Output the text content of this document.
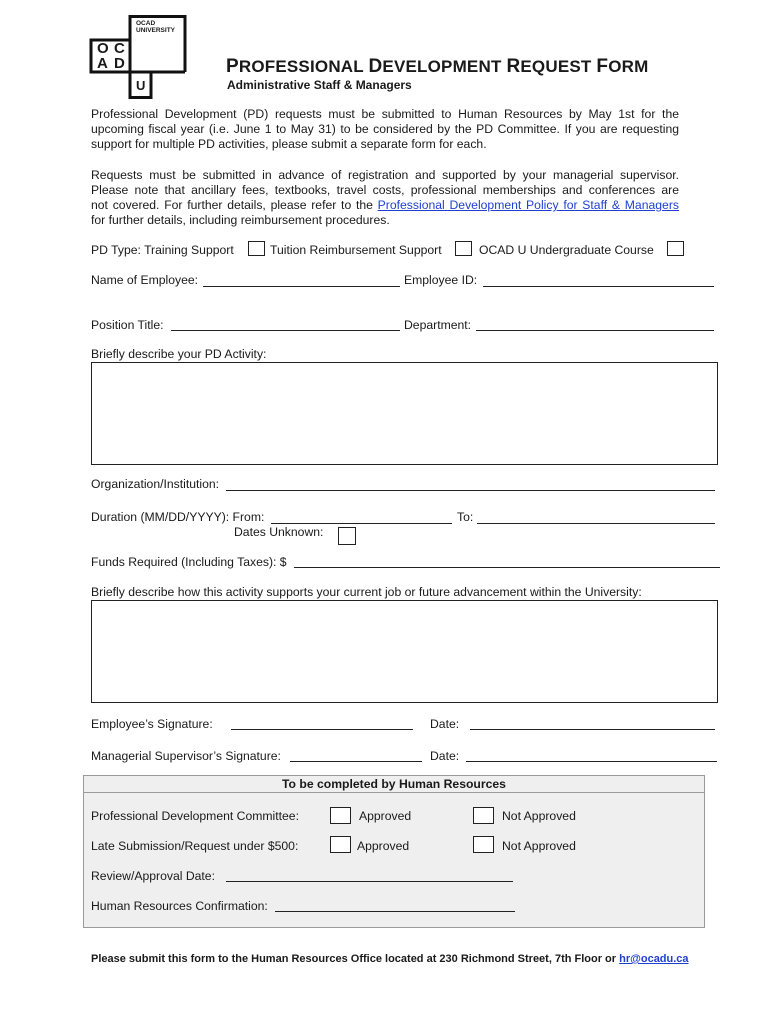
OCAD
UNIVERSITY
O C
A D
U
PROFESSIONAL DEVELOPMENT REQUEST FORM
Administrative Staff & Managers
Professional Development (PD) requests must be submitted to Human Resources by May 1st for the
upcoming fiscal year (i.e. June 1 to May 31) to be considered by the PD Committee. If you are requesting
support for multiple PD activities, please submit a separate form for each.
Requests must be submitted in advance of registration and supported by your managerial supervisor.
Please note that ancillary fees, textbooks, travel costs, professional memberships and conferences are
not covered. For further details, please refer to the Professional Development Policy for Staff & Managers
for further details, including reimbursement procedures.
PD Type: Training Support	Tuition Reimbursement Support	OCAD U Undergraduate Course
Name of Employee:	Employee ID:
Position Title:	Department:
Briefly describe your PD Activity:
Organization/Institution:
Duration (MM/DD/YYYY): From:	To:
Dates Unknown:
Funds Required (Including Taxes): $
Briefly describe how this activity supports your current job or future advancement within the University:
Employee’s Signature:	Date:
Managerial Supervisor’s Signature:	Date:
To be completed by Human Resources
Professional Development Committee:	Approved	Not Approved
Late Submission/Request under $500:	Approved	Not Approved
Review/Approval Date:
Human Resources Confirmation:
Please submit this form to the Human Resources Office located at 230 Richmond Street, 7th Floor or hr@ocadu.ca
